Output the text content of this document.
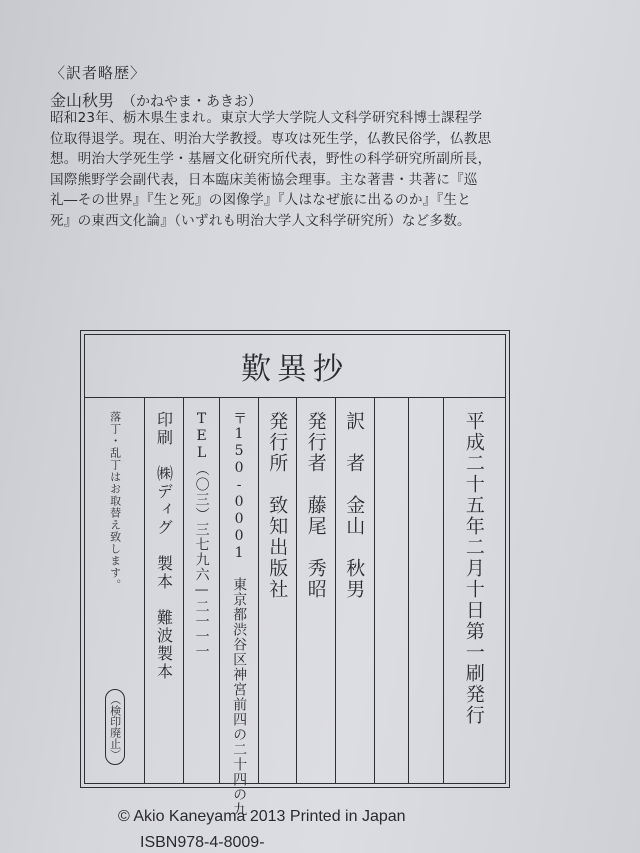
〈訳者略歴〉
金山秋男 （かねやま・あきお）
昭和23年、栃木県生まれ。東京大学大学院人文科学研究科博士課程学
位取得退学。現在、明治大学教授。専攻は死生学，仏教民俗学，仏教思
想。明治大学死生学・基層文化研究所代表，野性の科学研究所副所長，
国際熊野学会副代表，日本臨床美術協会理事。主な著書・共著に『巡
礼―その世界』『生と死』の図像学』『人はなぜ旅に出るのか』『生と
死』の東西文化論』（いずれも明治大学人文科学研究所）など多数。
歎異抄
平成二十五年二月十日第一刷発行
訳　者　金山　秋男
発行者　藤尾　秀昭
発行所　致知出版社
〒150-0001　東京都渋谷区神宮前四の二十四の九
TEL（〇三）三七九六—二一一一
印刷　㈱ディグ　製本　難波製本
落丁・乱丁はお取替え致します。
（検印廃止）
© Akio Kaneyama 2013 Printed in Japan
ISBN978-4-8009-
